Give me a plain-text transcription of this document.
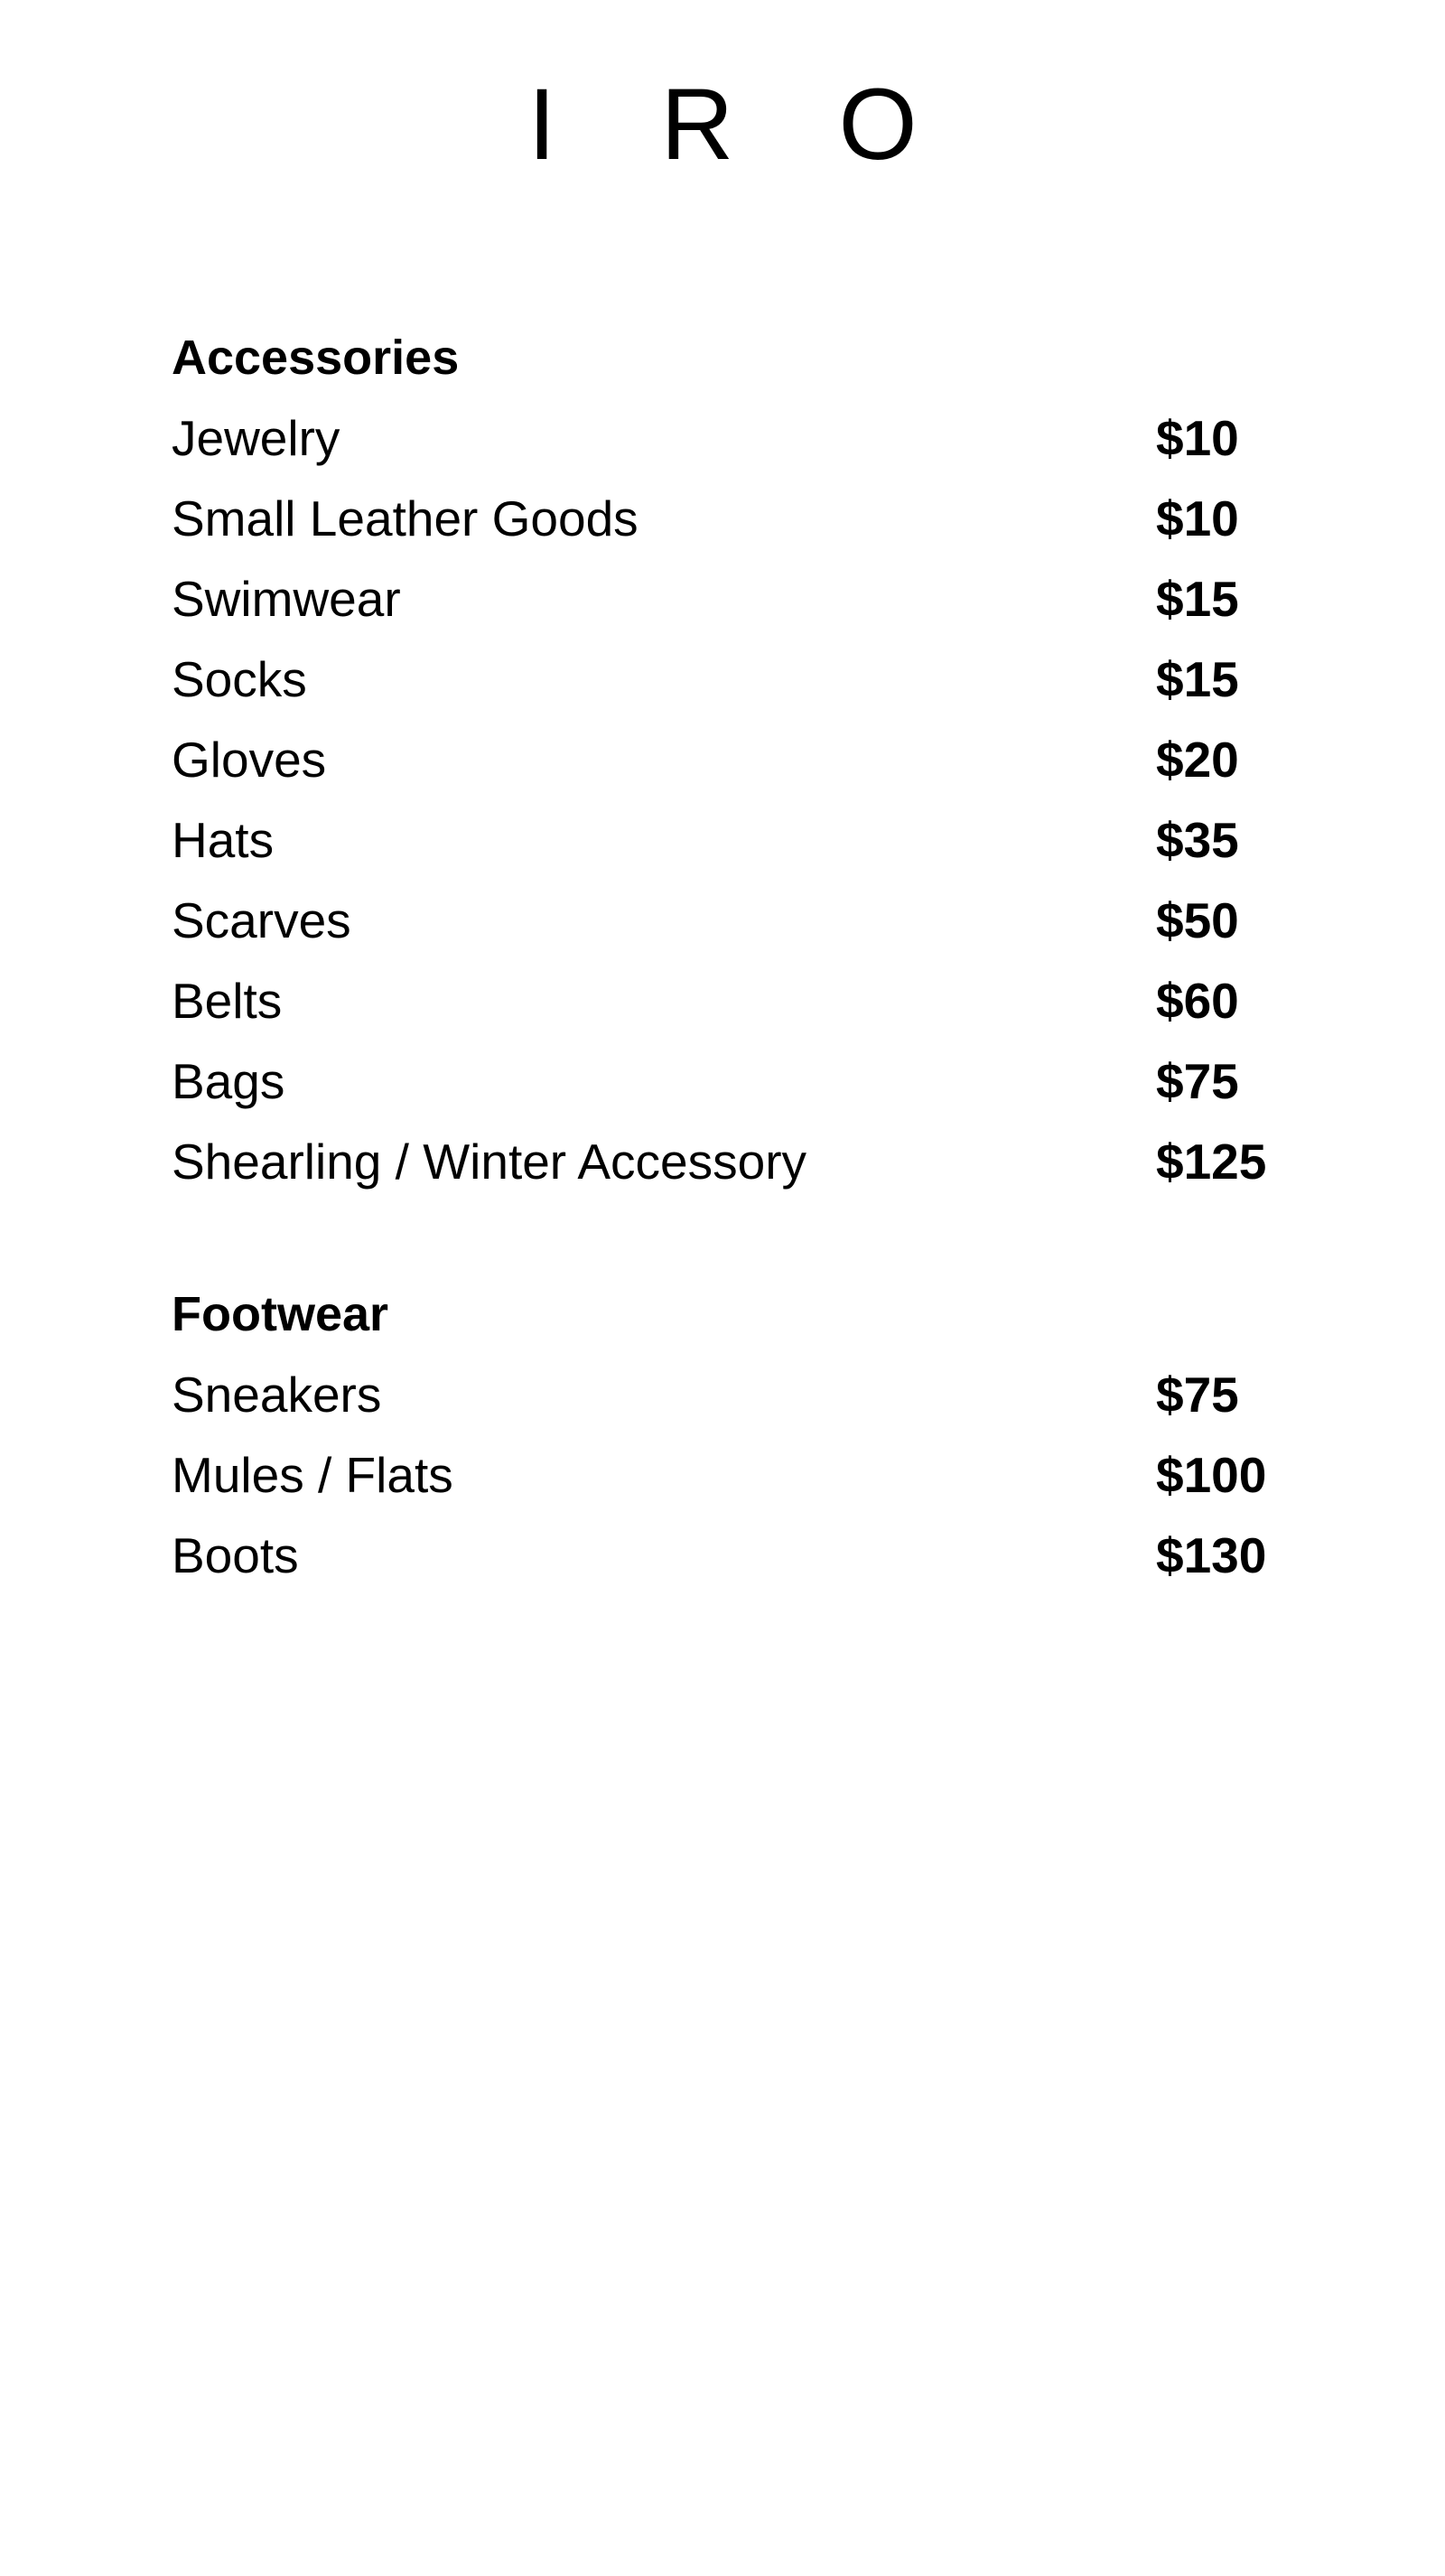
IRO
Accessories
Jewelry	$10
Small Leather Goods	$10
Swimwear	$15
Socks	$15
Gloves	$20
Hats	$35
Scarves	$50
Belts	$60
Bags	$75
Shearling / Winter Accessory	$125
Footwear
Sneakers	$75
Mules / Flats	$100
Boots	$130
